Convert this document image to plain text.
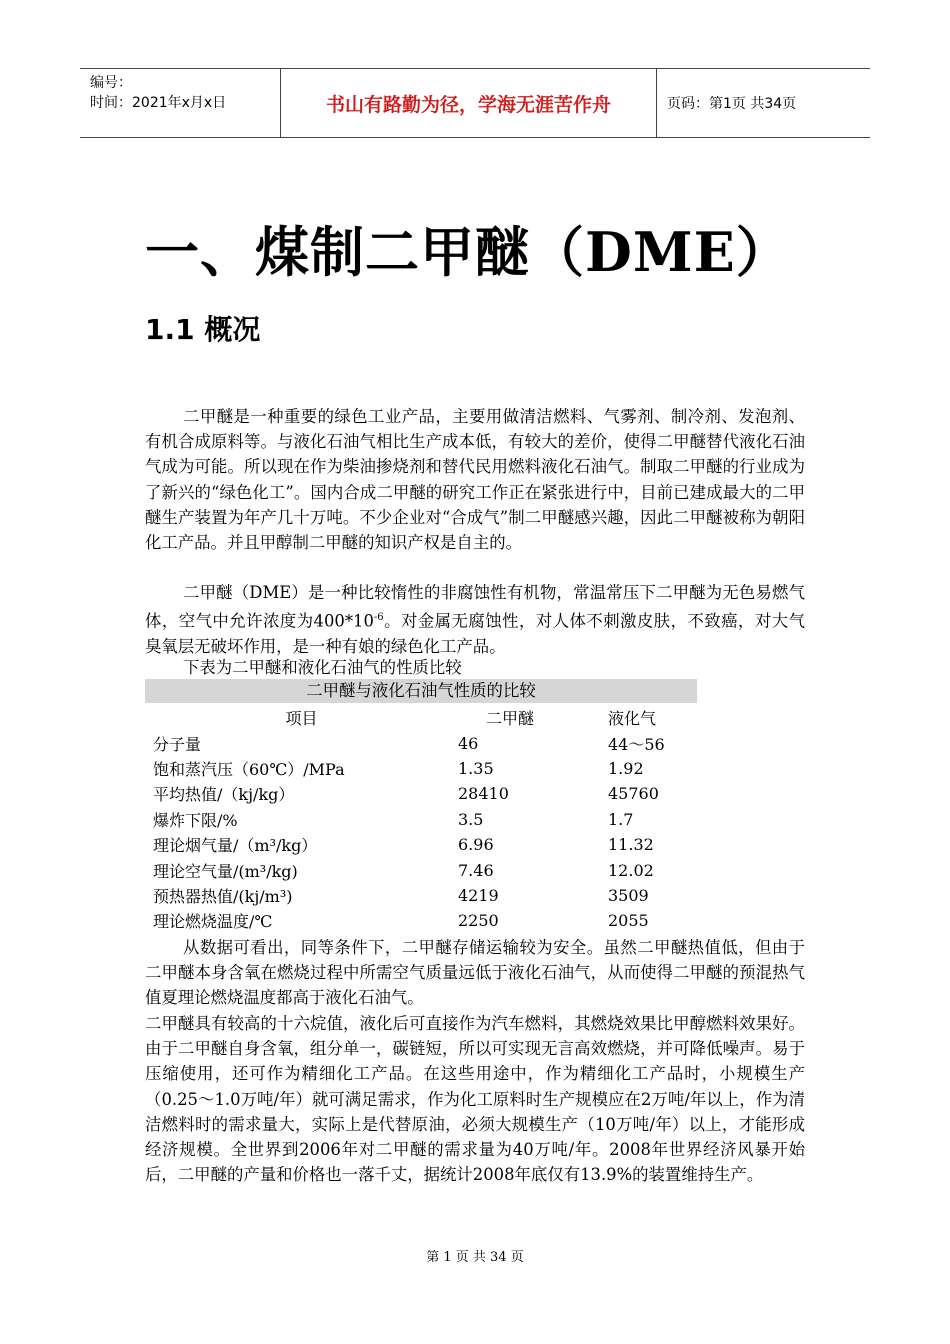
编号：
时间：2021年x月x日	书山有路勤为径，学海无涯苦作舟	页码：第1页 共34页
一、煤制二甲醚（DME）
1.1 概况

二甲醚是一种重要的绿色工业产品，主要用做清洁燃料、气雾剂、制冷剂、发泡剂、有机合成原料等。与液化石油气相比生产成本低，有较大的差价，使得二甲醚替代液化石油气成为可能。所以现在作为柴油掺烧剂和替代民用燃料液化石油气。制取二甲醚的行业成为了新兴的“绿色化工”。国内合成二甲醚的研究工作正在紧张进行中，目前已建成最大的二甲醚生产装置为年产几十万吨。不少企业对“合成气”制二甲醚感兴趣，因此二甲醚被称为朝阳化工产品。并且甲醇制二甲醚的知识产权是自主的。

二甲醚（DME）是一种比较惰性的非腐蚀性有机物，常温常压下二甲醚为无色易燃气体，空气中允许浓度为$400*10^{-6}$。对金属无腐蚀性，对人体不刺激皮肤，不致癌，对大气臭氧层无破坏作用，是一种有娘的绿色化工产品。

下表为二甲醚和液化石油气的性质比较

二甲醚与液化石油气性质的比较
项目	二甲醚	液化气
分子量	46	44～56
饱和蒸汽压（60℃）/MPa	1.35	1.92
平均热值/（kj/kg）	28410	45760
爆炸下限/%	3.5	1.7
理论烟气量/（m³/kg）	6.96	11.32
理论空气量/(m³/kg)	7.46	12.02
预热器热值/(kj/m³)	4219	3509
理论燃烧温度/℃	2250	2055

从数据可看出，同等条件下，二甲醚存储运输较为安全。虽然二甲醚热值低，但由于二甲醚本身含氧在燃烧过程中所需空气质量远低于液化石油气，从而使得二甲醚的预混热气值夏理论燃烧温度都高于液化石油气。

二甲醚具有较高的十六烷值，液化后可直接作为汽车燃料，其燃烧效果比甲醇燃料效果好。由于二甲醚自身含氧，组分单一，碳链短，所以可实现无言高效燃烧，并可降低噪声。易于压缩使用，还可作为精细化工产品。在这些用途中，作为精细化工产品时，小规模生产（0.25～1.0万吨/年）就可满足需求，作为化工原料时生产规模应在2万吨/年以上，作为清洁燃料时的需求量大，实际上是代替原油，必须大规模生产（10万吨/年）以上，才能形成经济规模。全世界到2006年对二甲醚的需求量为40万吨/年。2008年世界经济风暴开始后，二甲醚的产量和价格也一落千丈，据统计2008年底仅有13.9%的装置维持生产。

第 1 页 共 34 页
